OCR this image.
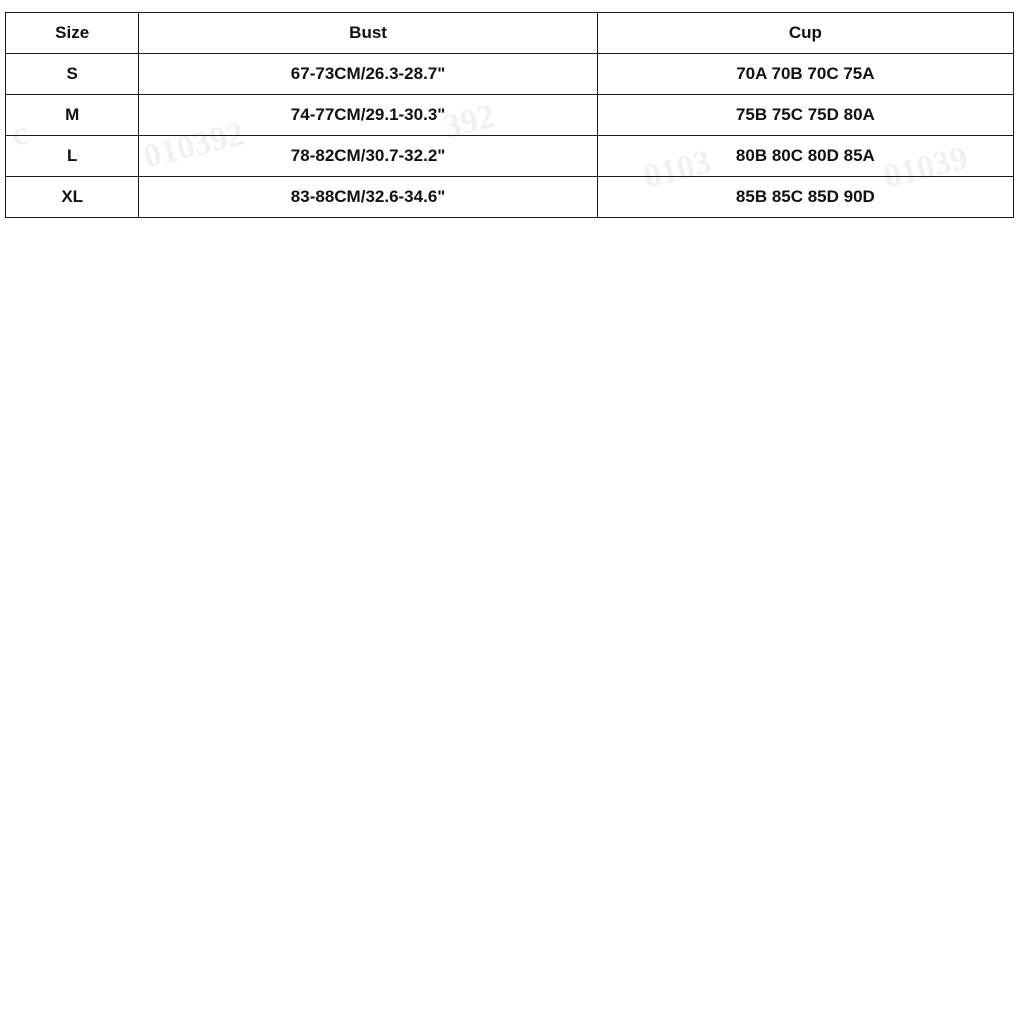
Size	Bust	Cup
S	67-73CM/26.3-28.7"	70A 70B 70C 75A
M	74-77CM/29.1-30.3"	75B 75C 75D 80A
L	78-82CM/30.7-32.2"	80B 80C 80D 85A
XL	83-88CM/32.6-34.6"	85B 85C 85D 90D
010392	392
0103	01039
c
